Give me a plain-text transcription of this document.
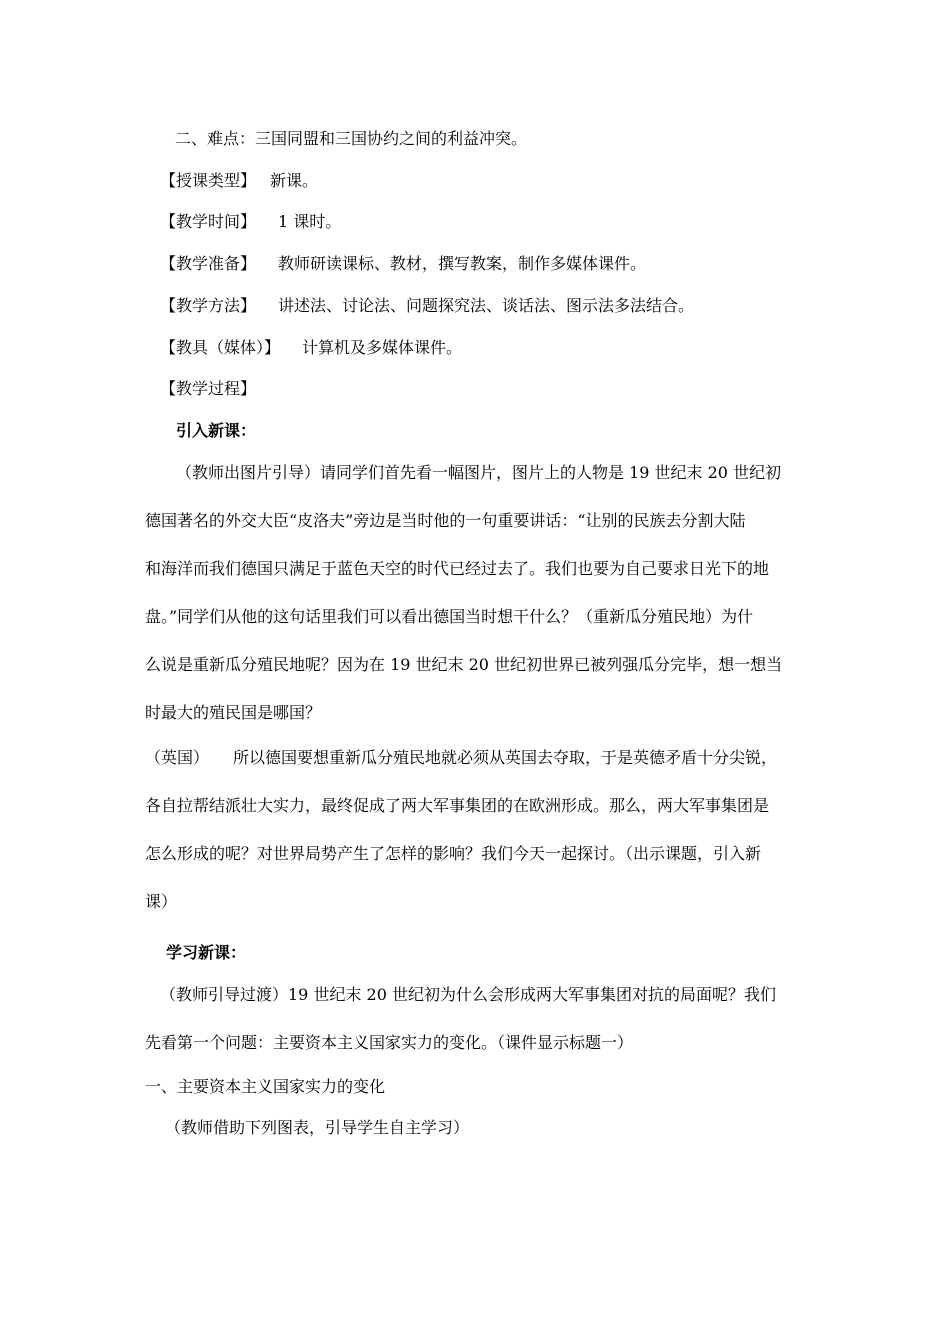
二、难点：三国同盟和三国协约之间的利益冲突。
【授课类型】 新课。
【教学时间】 1 课时。
【教学准备】 教师研读课标、教材，撰写教案，制作多媒体课件。
【教学方法】 讲述法、讨论法、问题探究法、谈话法、图示法多法结合。
【教具（媒体）】 计算机及多媒体课件。
【教学过程】
引入新课：
（教师出图片引导）请同学们首先看一幅图片，图片上的人物是 19 世纪末 20 世纪初
德国著名的外交大臣“皮洛夫”旁边是当时他的一句重要讲话：“让别的民族去分割大陆
和海洋而我们德国只满足于蓝色天空的时代已经过去了。我们也要为自己要求日光下的地
盘。”同学们从他的这句话里我们可以看出德国当时想干什么？（重新瓜分殖民地）为什
么说是重新瓜分殖民地呢？因为在 19 世纪末 20 世纪初世界已被列强瓜分完毕，想一想当
时最大的殖民国是哪国？
（英国） 所以德国要想重新瓜分殖民地就必须从英国去夺取，于是英德矛盾十分尖锐，
各自拉帮结派壮大实力，最终促成了两大军事集团的在欧洲形成。那么，两大军事集团是
怎么形成的呢？对世界局势产生了怎样的影响？我们今天一起探讨。（出示课题，引入新
课）
学习新课：
（教师引导过渡）19 世纪末 20 世纪初为什么会形成两大军事集团对抗的局面呢？我们
先看第一个问题：主要资本主义国家实力的变化。（课件显示标题一）
一、主要资本主义国家实力的变化
（教师借助下列图表，引导学生自主学习）
